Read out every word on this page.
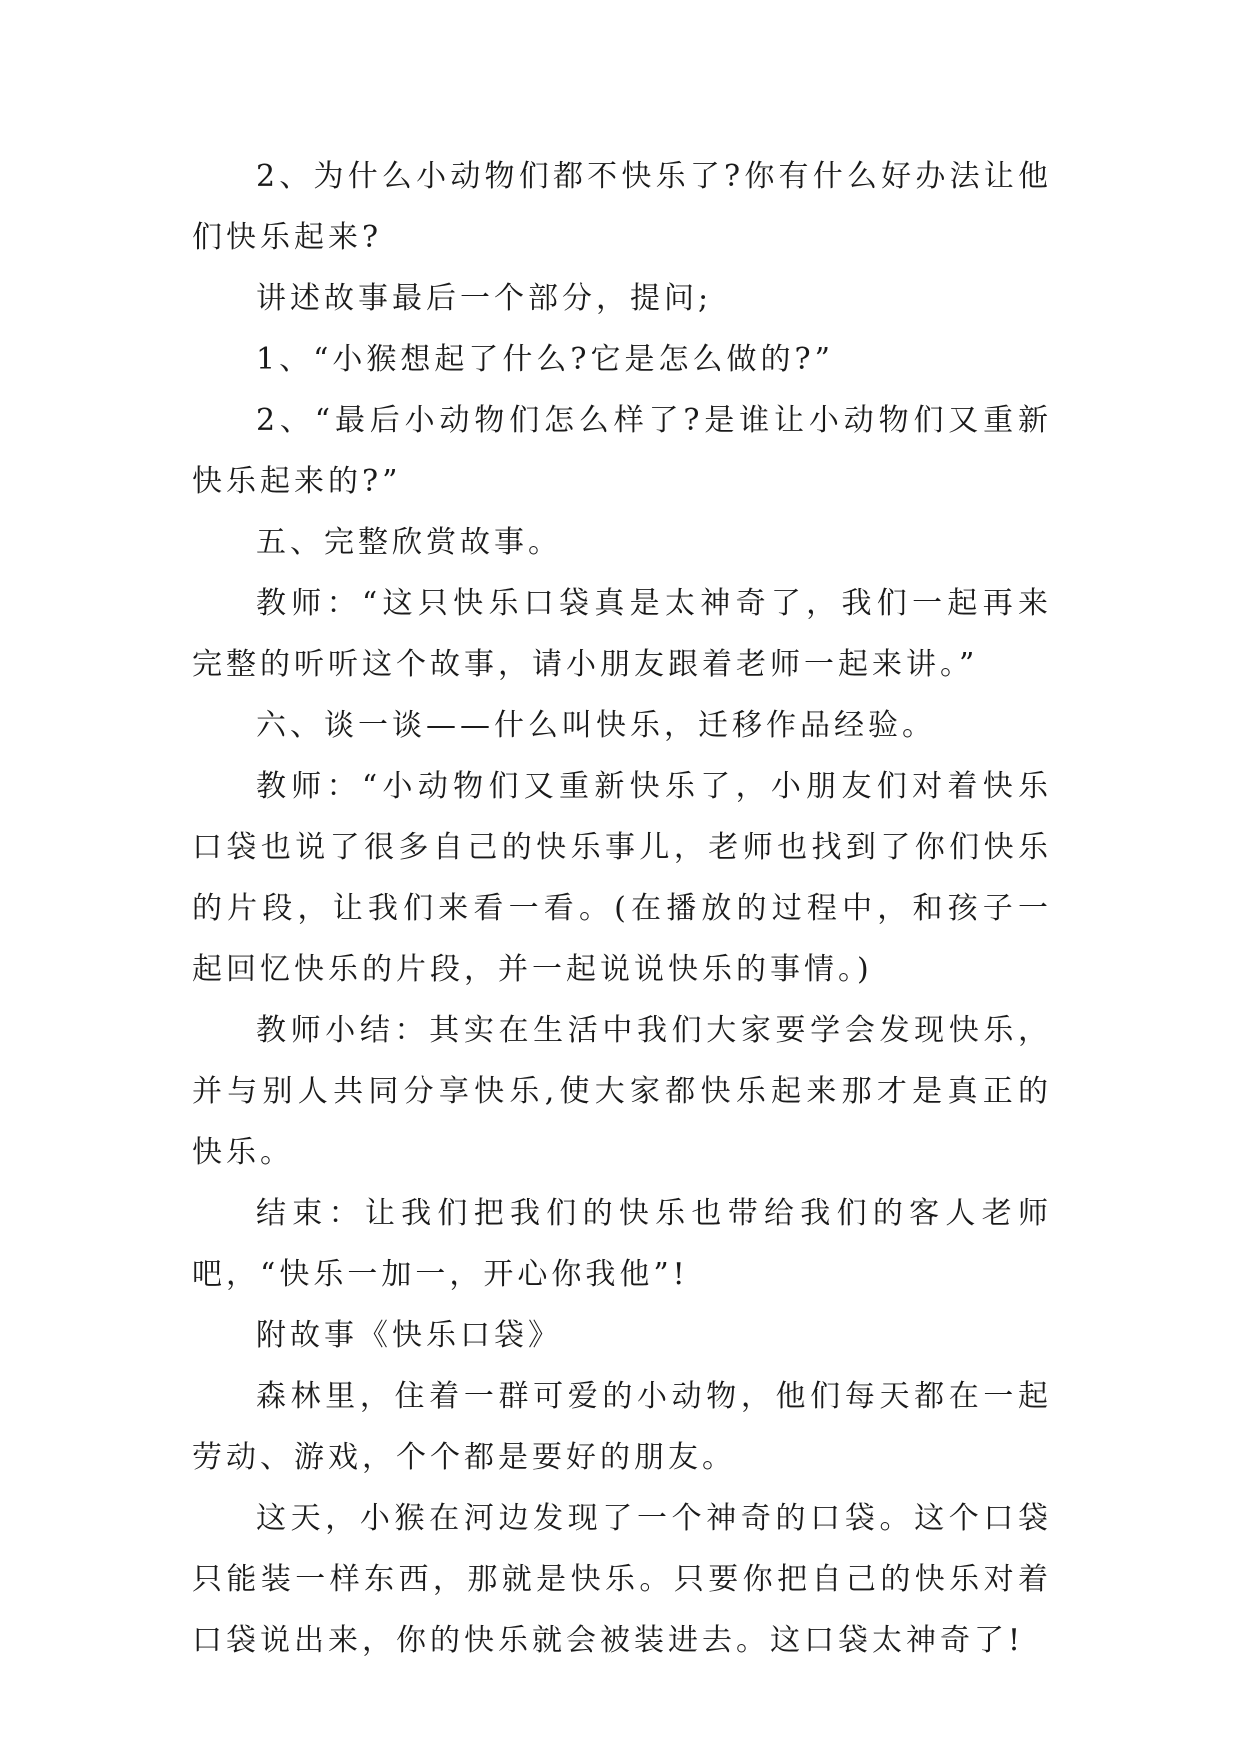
2、为什么小动物们都不快乐了?你有什么好办法让他们快乐起来?

讲述故事最后一个部分，提问;

1、“小猴想起了什么?它是怎么做的?”

2、“最后小动物们怎么样了?是谁让小动物们又重新快乐起来的?”

五、完整欣赏故事。

教师：“这只快乐口袋真是太神奇了，我们一起再来完整的听听这个故事，请小朋友跟着老师一起来讲。”

六、谈一谈——什么叫快乐，迁移作品经验。

教师：“小动物们又重新快乐了，小朋友们对着快乐口袋也说了很多自己的快乐事儿，老师也找到了你们快乐的片段，让我们来看一看。(在播放的过程中，和孩子一起回忆快乐的片段，并一起说说快乐的事情。)

教师小结：其实在生活中我们大家要学会发现快乐，并与别人共同分享快乐,使大家都快乐起来那才是真正的快乐。

结束：让我们把我们的快乐也带给我们的客人老师吧，“快乐一加一，开心你我他”!

附故事《快乐口袋》

森林里，住着一群可爱的小动物，他们每天都在一起劳动、游戏，个个都是要好的朋友。

这天，小猴在河边发现了一个神奇的口袋。这个口袋只能装一样东西，那就是快乐。只要你把自己的快乐对着口袋说出来，你的快乐就会被装进去。这口袋太神奇了!
